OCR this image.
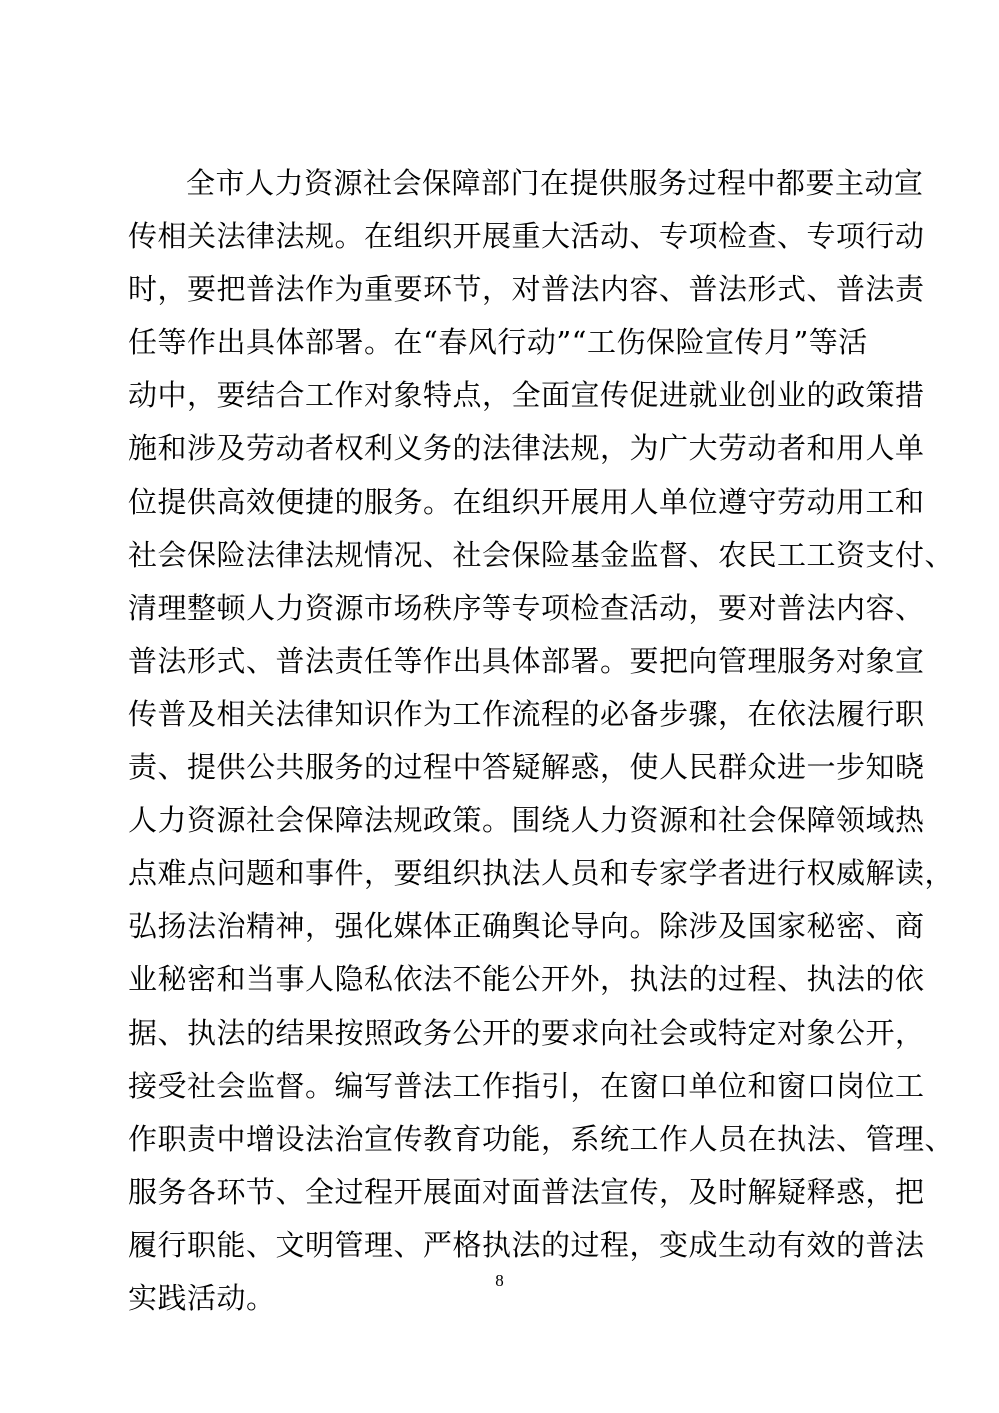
全市人力资源社会保障部门在提供服务过程中都要主动宣
传相关法律法规。在组织开展重大活动、专项检查、专项行动
时，要把普法作为重要环节，对普法内容、普法形式、普法责
任等作出具体部署。在“春风行动”“工伤保险宣传月”等活
动中，要结合工作对象特点，全面宣传促进就业创业的政策措
施和涉及劳动者权利义务的法律法规，为广大劳动者和用人单
位提供高效便捷的服务。在组织开展用人单位遵守劳动用工和
社会保险法律法规情况、社会保险基金监督、农民工工资支付、
清理整顿人力资源市场秩序等专项检查活动，要对普法内容、
普法形式、普法责任等作出具体部署。要把向管理服务对象宣
传普及相关法律知识作为工作流程的必备步骤，在依法履行职
责、提供公共服务的过程中答疑解惑，使人民群众进一步知晓
人力资源社会保障法规政策。围绕人力资源和社会保障领域热
点难点问题和事件，要组织执法人员和专家学者进行权威解读，
弘扬法治精神，强化媒体正确舆论导向。除涉及国家秘密、商
业秘密和当事人隐私依法不能公开外，执法的过程、执法的依
据、执法的结果按照政务公开的要求向社会或特定对象公开，
接受社会监督。编写普法工作指引，在窗口单位和窗口岗位工
作职责中增设法治宣传教育功能，系统工作人员在执法、管理、
服务各环节、全过程开展面对面普法宣传，及时解疑释惑，把
履行职能、文明管理、严格执法的过程，变成生动有效的普法
实践活动。
8
